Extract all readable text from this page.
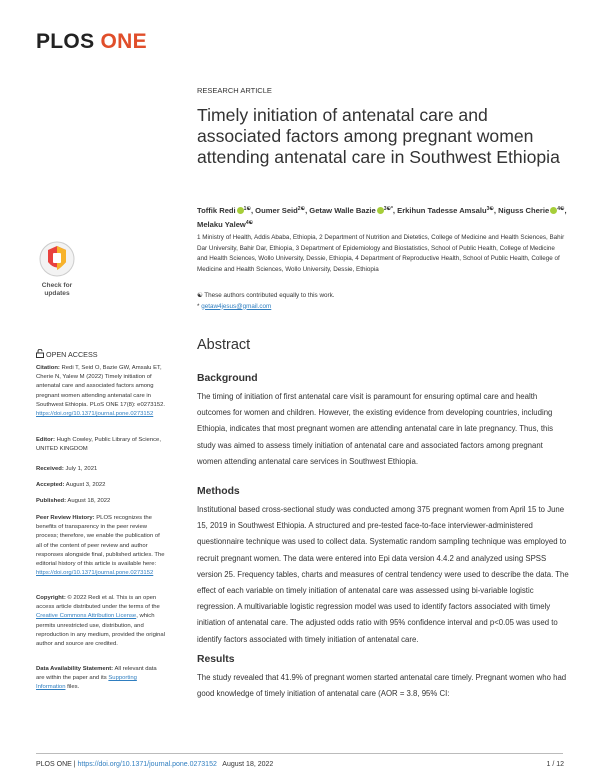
PLOS ONE
RESEARCH ARTICLE
Timely initiation of antenatal care and associated factors among pregnant women attending antenatal care in Southwest Ethiopia
Toffik Redi $^{1☯}$, Oumer Seid$^{2☯}$, Getaw Walle Bazie $^{3☯*}$, Erkihun Tadesse Amsalu$^{3☯}$, Niguss Cherie $^{4☯}$, Melaku Yalew$^{4☯}$
1 Ministry of Health, Addis Ababa, Ethiopia, 2 Department of Nutrition and Dietetics, College of Medicine and Health Sciences, Bahir Dar University, Bahir Dar, Ethiopia, 3 Department of Epidemiology and Biostatistics, School of Public Health, College of Medicine and Health Sciences, Wollo University, Dessie, Ethiopia, 4 Department of Reproductive Health, School of Public Health, College of Medicine and Health Sciences, Wollo University, Dessie, Ethiopia
☯ These authors contributed equally to this work.
* getaw4jesus@gmail.com
Abstract
Background
The timing of initiation of first antenatal care visit is paramount for ensuring optimal care and health outcomes for women and children. However, the existing evidence from developing countries, including Ethiopia, indicates that most pregnant women are attending antenatal care in late pregnancy. Thus, this study was aimed to assess timely initiation of antenatal care and associated factors among pregnant women attending antenatal care services in Southwest Ethiopia.
Methods
Institutional based cross-sectional study was conducted among 375 pregnant women from April 15 to June 15, 2019 in Southwest Ethiopia. A structured and pre-tested face-to-face interviewer-administered questionnaire technique was used to collect data. Systematic random sampling technique was employed to recruit pregnant women. The data were entered into Epi data version 4.4.2 and analyzed using SPSS version 25. Frequency tables, charts and measures of central tendency were used to describe the data. The effect of each variable on timely initiation of antenatal care was assessed using bi-variable logistic regression. A multivariable logistic regression model was used to identify factors associated with timely initiation of antenatal care. The adjusted odds ratio with 95% confidence interval and p<0.05 was used to identify factors associated with timely initiation of antenatal care.
Results
The study revealed that 41.9% of pregnant women started antenatal care timely. Pregnant women who had good knowledge of timely initiation of antenatal care (AOR = 3.8, 95% CI:
Check for updates
OPEN ACCESS
Citation: Redi T, Seid O, Bazie GW, Amsalu ET, Cherie N, Yalew M (2022) Timely initiation of antenatal care and associated factors among pregnant women attending antenatal care in Southwest Ethiopia. PLoS ONE 17(8): e0273152. https://doi.org/10.1371/journal.pone.0273152
Editor: Hugh Cowley, Public Library of Science, UNITED KINGDOM
Received: July 1, 2021
Accepted: August 3, 2022
Published: August 18, 2022
Peer Review History: PLOS recognizes the benefits of transparency in the peer review process; therefore, we enable the publication of all of the content of peer review and author responses alongside final, published articles. The editorial history of this article is available here: https://doi.org/10.1371/journal.pone.0273152
Copyright: © 2022 Redi et al. This is an open access article distributed under the terms of the Creative Commons Attribution License, which permits unrestricted use, distribution, and reproduction in any medium, provided the original author and source are credited.
Data Availability Statement: All relevant data are within the paper and its Supporting Information files.
PLOS ONE | https://doi.org/10.1371/journal.pone.0273152   August 18, 2022	1 / 12
